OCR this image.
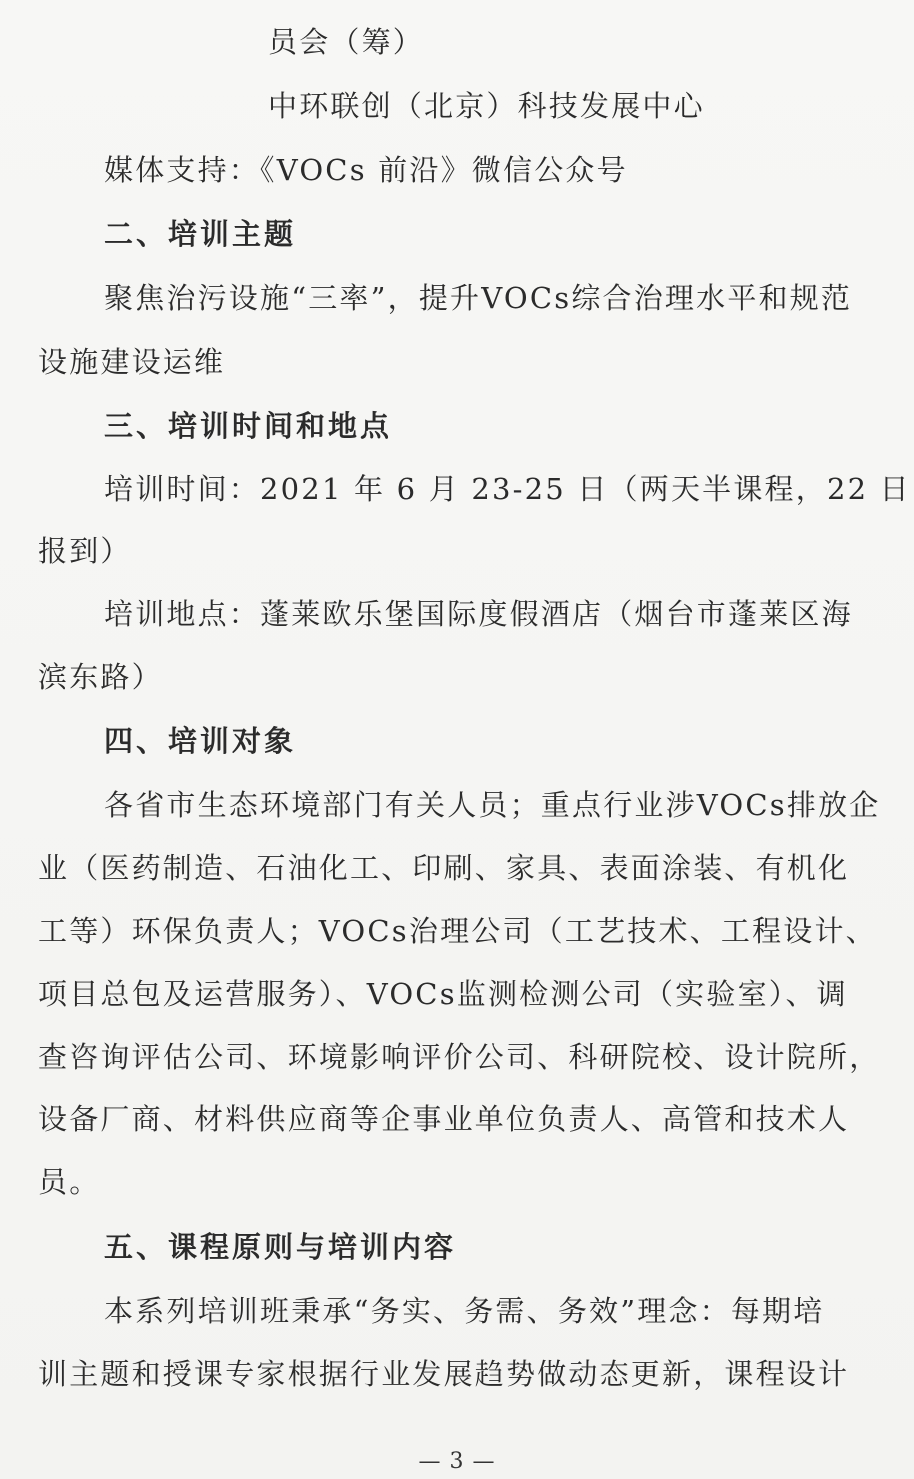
员会（筹）
中环联创（北京）科技发展中心
媒体支持：《VOCs 前沿》微信公众号
二、培训主题
聚焦治污设施“三率”，提升VOCs综合治理水平和规范
设施建设运维
三、培训时间和地点
培训时间：2021 年 6 月 23-25 日（两天半课程，22 日
报到）
培训地点：蓬莱欧乐堡国际度假酒店（烟台市蓬莱区海
滨东路）
四、培训对象
各省市生态环境部门有关人员；重点行业涉VOCs排放企
业（医药制造、石油化工、印刷、家具、表面涂装、有机化
工等）环保负责人；VOCs治理公司（工艺技术、工程设计、
项目总包及运营服务）、VOCs监测检测公司（实验室）、调
查咨询评估公司、环境影响评价公司、科研院校、设计院所，
设备厂商、材料供应商等企事业单位负责人、高管和技术人
员。
五、课程原则与培训内容
本系列培训班秉承“务实、务需、务效”理念：每期培
训主题和授课专家根据行业发展趋势做动态更新，课程设计
— 3 —
